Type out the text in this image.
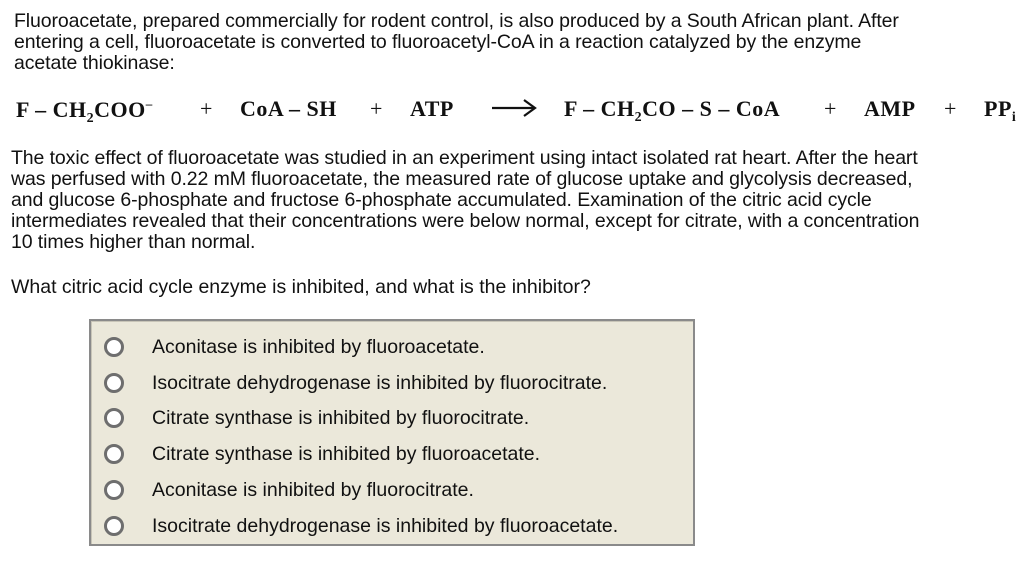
Fluoroacetate, prepared commercially for rodent control, is also produced by a South African plant. After
entering a cell, fluoroacetate is converted to fluoroacetyl-CoA in a reaction catalyzed by the enzyme
acetate thiokinase:
F – $CH_2COO^-$ + CoA – SH + ATP → F – $CH_2CO$ – S – CoA + AMP + $PP_i$
The toxic effect of fluoroacetate was studied in an experiment using intact isolated rat heart. After the heart
was perfused with 0.22 mM fluoroacetate, the measured rate of glucose uptake and glycolysis decreased,
and glucose 6-phosphate and fructose 6-phosphate accumulated. Examination of the citric acid cycle
intermediates revealed that their concentrations were below normal, except for citrate, with a concentration
10 times higher than normal.

What citric acid cycle enzyme is inhibited, and what is the inhibitor?

Aconitase is inhibited by fluoroacetate.
Isocitrate dehydrogenase is inhibited by fluorocitrate.
Citrate synthase is inhibited by fluorocitrate.
Citrate synthase is inhibited by fluoroacetate.
Aconitase is inhibited by fluorocitrate.
Isocitrate dehydrogenase is inhibited by fluoroacetate.
